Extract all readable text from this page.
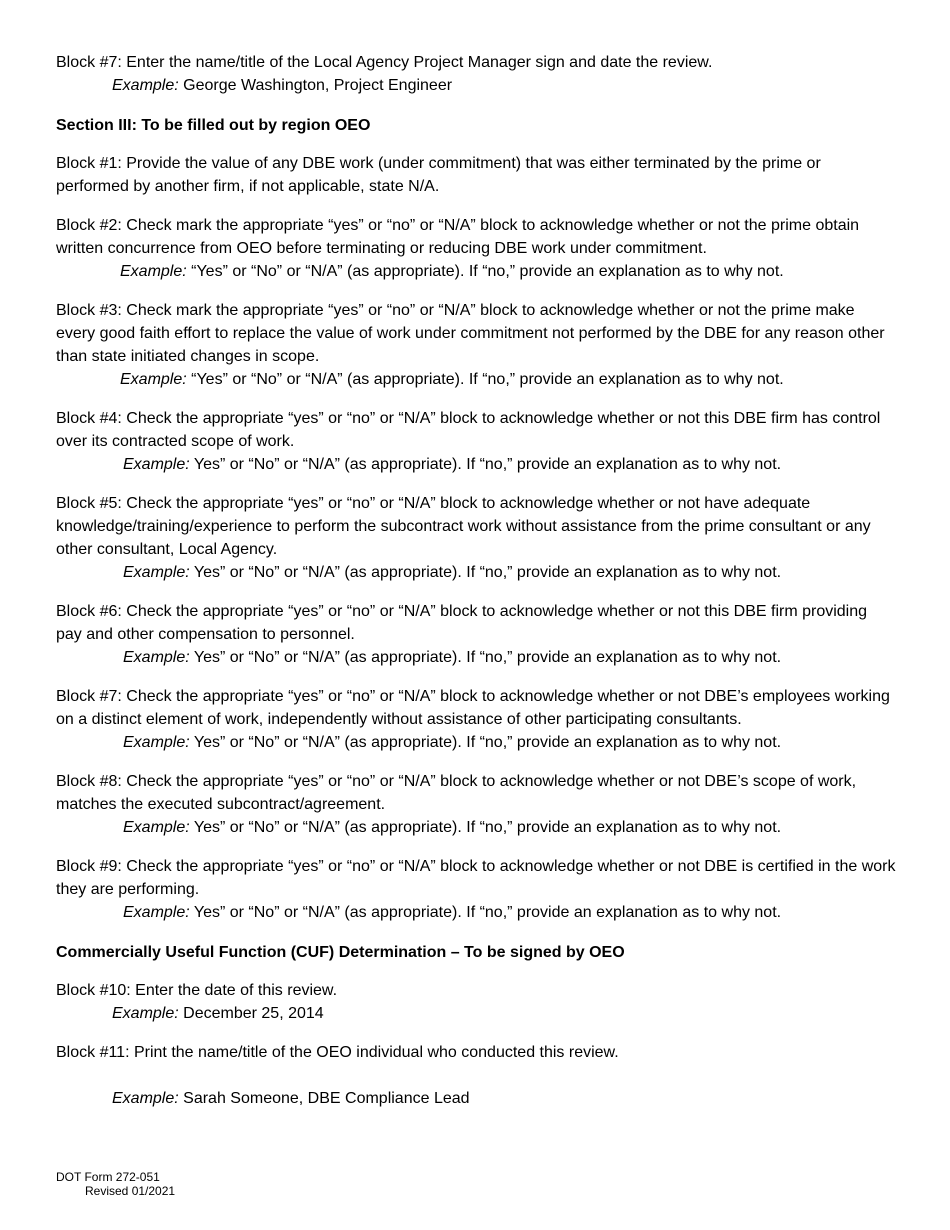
Block #7: Enter the name/title of the Local Agency Project Manager sign and date the review.
Example: George Washington, Project Engineer
Section III: To be filled out by region OEO
Block #1: Provide the value of any DBE work (under commitment) that was either terminated by the prime or performed by another firm, if not applicable, state N/A.
Block #2: Check mark the appropriate “yes” or “no” or “N/A” block to acknowledge whether or not the prime obtain written concurrence from OEO before terminating or reducing DBE work under commitment.
Example: “Yes” or “No” or “N/A” (as appropriate). If “no,” provide an explanation as to why not.
Block #3: Check mark the appropriate “yes” or “no” or “N/A” block to acknowledge whether or not the prime make every good faith effort to replace the value of work under commitment not performed by the DBE for any reason other than state initiated changes in scope.
Example: “Yes” or “No” or “N/A” (as appropriate). If “no,” provide an explanation as to why not.
Block #4: Check the appropriate “yes” or “no” or “N/A” block to acknowledge whether or not this DBE firm has control over its contracted scope of work.
Example: Yes” or “No” or “N/A” (as appropriate). If “no,” provide an explanation as to why not.
Block #5: Check the appropriate “yes” or “no” or “N/A” block to acknowledge whether or not have adequate knowledge/training/experience to perform the subcontract work without assistance from the prime consultant or any other consultant, Local Agency.
Example: Yes” or “No” or “N/A” (as appropriate). If “no,” provide an explanation as to why not.
Block #6: Check the appropriate “yes” or “no” or “N/A” block to acknowledge whether or not this DBE firm providing pay and other compensation to personnel.
Example: Yes” or “No” or “N/A” (as appropriate). If “no,” provide an explanation as to why not.
Block #7: Check the appropriate “yes” or “no” or “N/A” block to acknowledge whether or not DBE’s employees working on a distinct element of work, independently without assistance of other participating consultants.
Example: Yes” or “No” or “N/A” (as appropriate). If “no,” provide an explanation as to why not.
Block #8: Check the appropriate “yes” or “no” or “N/A” block to acknowledge whether or not DBE’s scope of work, matches the executed subcontract/agreement.
Example: Yes” or “No” or “N/A” (as appropriate). If “no,” provide an explanation as to why not.
Block #9: Check the appropriate “yes” or “no” or “N/A” block to acknowledge whether or not DBE is certified in the work they are performing.
Example: Yes” or “No” or “N/A” (as appropriate). If “no,” provide an explanation as to why not.
Commercially Useful Function (CUF) Determination – To be signed by OEO
Block #10: Enter the date of this review.
Example: December 25, 2014
Block #11: Print the name/title of the OEO individual who conducted this review.
Example: Sarah Someone, DBE Compliance Lead
DOT Form 272-051
Revised 01/2021
